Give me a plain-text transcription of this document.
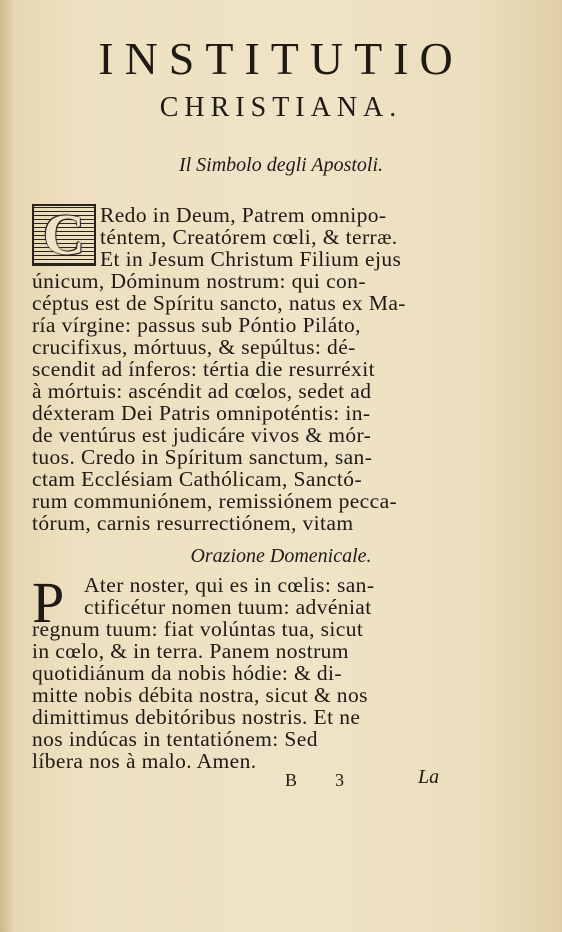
INSTITUTIO
CHRISTIANA.
Il Simbolo degli Apostoli.
C Redo in Deum, Patrem omnipo-
téntem, Creatórem cœli, & terræ.
Et in Jesum Christum Filium ejus
únicum, Dóminum nostrum: qui con-
céptus est de Spíritu sancto, natus ex Ma-
ría vírgine: passus sub Póntio Piláto,
crucifixus, mórtuus, & sepúltus: dé-
scendit ad ínferos: tértia die resurréxit
à mórtuis: ascéndit ad cœlos, sedet ad
déxteram Dei Patris omnipoténtis: in-
de ventúrus est judicáre vivos & mór-
tuos. Credo in Spíritum sanctum, san-
ctam Ecclésiam Cathólicam, Sanctó-
rum communiónem, remissiónem pecca-
tórum, carnis resurrectiónem, vitam
Orazione Domenicale.
P Ater noster, qui es in cœlis: san-
ctificétur nomen tuum: advéniat
regnum tuum: fiat volúntas tua, sicut
in cœlo, & in terra. Panem nostrum
quotidiánum da nobis hódie: & di-
mitte nobis débita nostra, sicut & nos
dimittimus debitóribus nostris. Et ne
nos indúcas in tentatiónem: Sed
líbera nos à malo. Amen.
B 3	La
